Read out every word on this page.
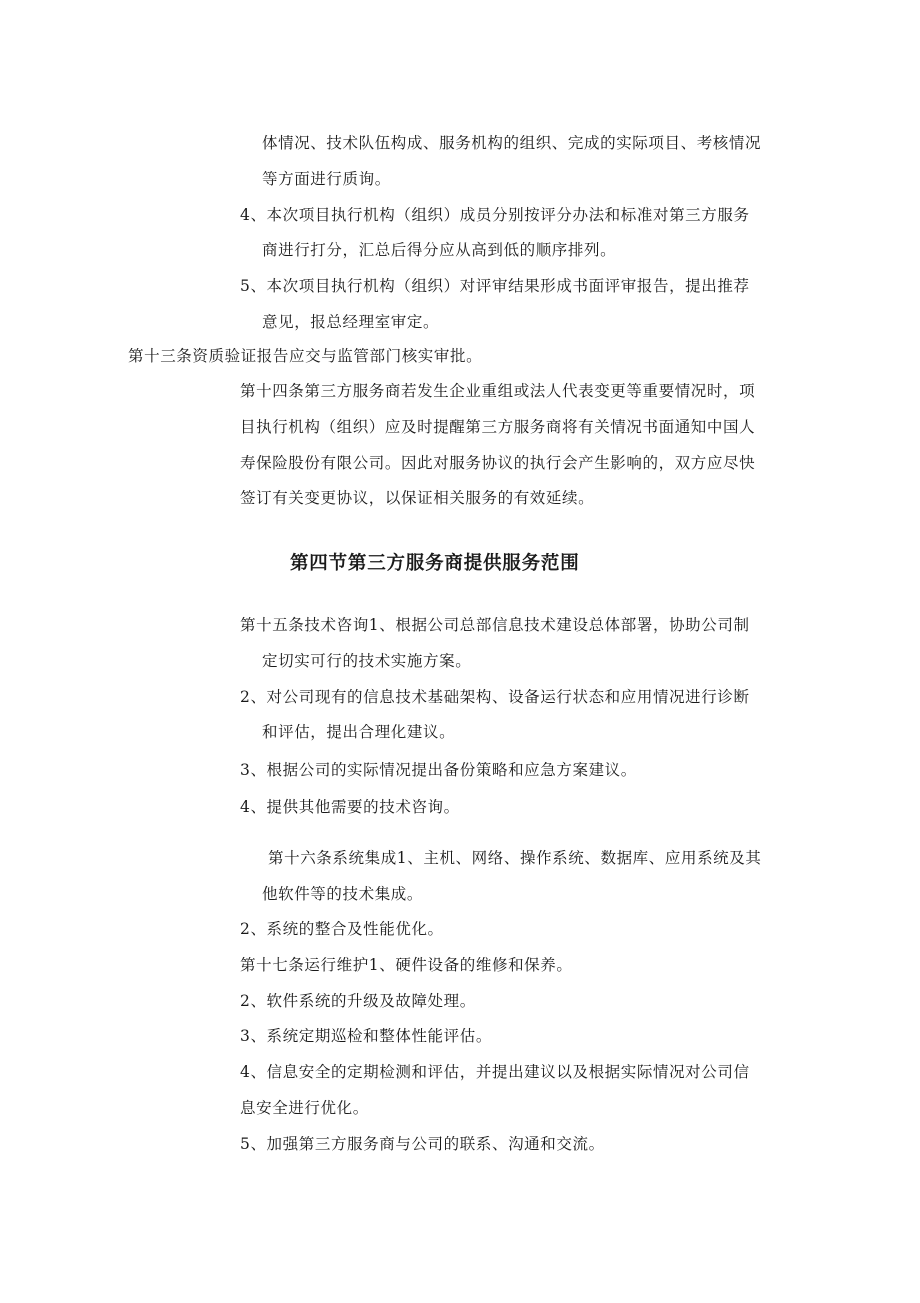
体情况、技术队伍构成、服务机构的组织、完成的实际项目、考核情况
等方面进行质询。
4、本次项目执行机构（组织）成员分别按评分办法和标准对第三方服务
商进行打分，汇总后得分应从高到低的顺序排列。
5、本次项目执行机构（组织）对评审结果形成书面评审报告，提出推荐
意见，报总经理室审定。
第十三条资质验证报告应交与监管部门核实审批。
第十四条第三方服务商若发生企业重组或法人代表变更等重要情况时，项
目执行机构（组织）应及时提醒第三方服务商将有关情况书面通知中国人
寿保险股份有限公司。因此对服务协议的执行会产生影响的，双方应尽快
签订有关变更协议，以保证相关服务的有效延续。
第四节第三方服务商提供服务范围
第十五条技术咨询1、根据公司总部信息技术建设总体部署，协助公司制
定切实可行的技术实施方案。
2、对公司现有的信息技术基础架构、设备运行状态和应用情况进行诊断
和评估，提出合理化建议。
3、根据公司的实际情况提出备份策略和应急方案建议。
4、提供其他需要的技术咨询。
第十六条系统集成1、主机、网络、操作系统、数据库、应用系统及其
他软件等的技术集成。
2、系统的整合及性能优化。
第十七条运行维护1、硬件设备的维修和保养。
2、软件系统的升级及故障处理。
3、系统定期巡检和整体性能评估。
4、信息安全的定期检测和评估，并提出建议以及根据实际情况对公司信
息安全进行优化。
5、加强第三方服务商与公司的联系、沟通和交流。
